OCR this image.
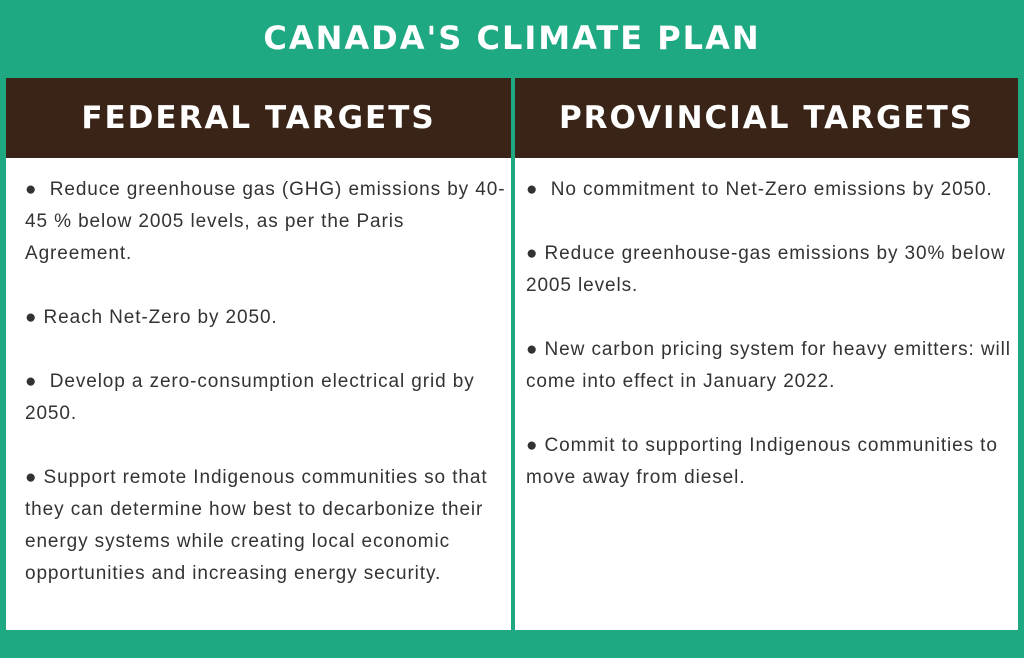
CANADA'S CLIMATE PLAN
FEDERAL TARGETS
●  Reduce greenhouse gas (GHG) emissions by 40-45 % below 2005 levels, as per the Paris Agreement.
● Reach Net-Zero by 2050.
●  Develop a zero-consumption electrical grid by 2050.
● Support remote Indigenous communities so that they can determine how best to decarbonize their energy systems while creating local economic opportunities and increasing energy security.
PROVINCIAL TARGETS
●  No commitment to Net-Zero emissions by 2050.
● Reduce greenhouse-gas emissions by 30% below 2005 levels.
● New carbon pricing system for heavy emitters: will come into effect in January 2022.
● Commit to supporting Indigenous communities to move away from diesel.
